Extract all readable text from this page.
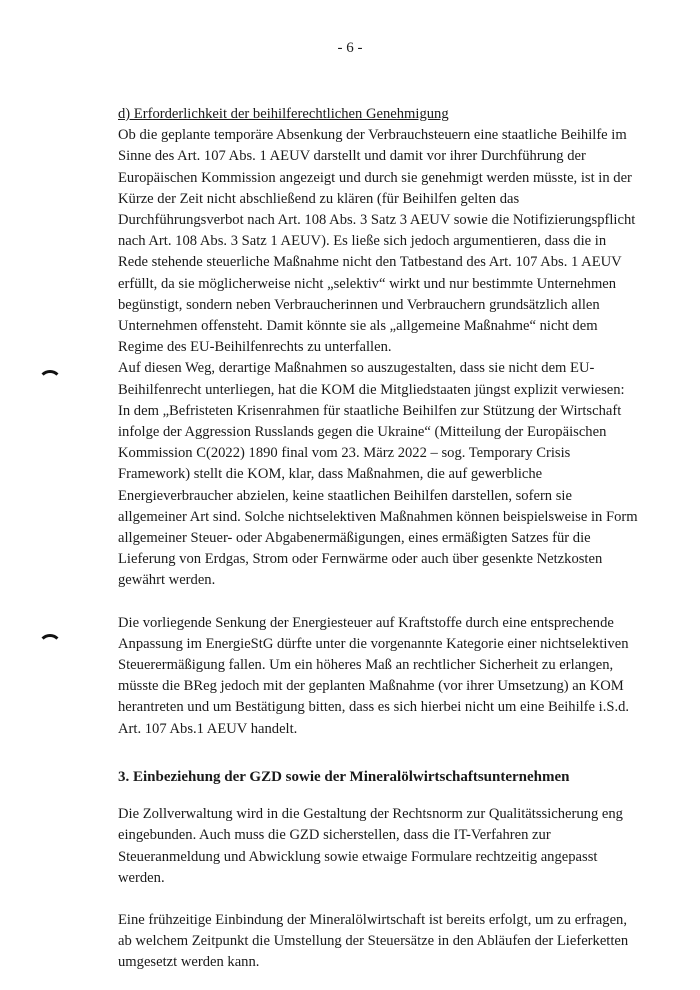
- 6 -

d) Erforderlichkeit der beihilferechtlichen Genehmigung

Ob die geplante temporäre Absenkung der Verbrauchsteuern eine staatliche Beihilfe im Sinne des Art. 107 Abs. 1 AEUV darstellt und damit vor ihrer Durchführung der Europäischen Kommission angezeigt und durch sie genehmigt werden müsste, ist in der Kürze der Zeit nicht abschließend zu klären (für Beihilfen gelten das Durchführungsverbot nach Art. 108 Abs. 3 Satz 3 AEUV sowie die Notifizierungspflicht nach Art. 108 Abs. 3 Satz 1 AEUV). Es ließe sich jedoch argumentieren, dass die in Rede stehende steuerliche Maßnahme nicht den Tatbestand des Art. 107 Abs. 1 AEUV erfüllt, da sie möglicherweise nicht „selektiv“ wirkt und nur bestimmte Unternehmen begünstigt, sondern neben Verbraucherinnen und Verbrauchern grundsätzlich allen Unternehmen offensteht. Damit könnte sie als „allgemeine Maßnahme“ nicht dem Regime des EU-Beihilfenrechts zu unterfallen.

Auf diesen Weg, derartige Maßnahmen so auszugestalten, dass sie nicht dem EU-Beihilfenrecht unterliegen, hat die KOM die Mitgliedstaaten jüngst explizit verwiesen: In dem „Befristeten Krisenrahmen für staatliche Beihilfen zur Stützung der Wirtschaft infolge der Aggression Russlands gegen die Ukraine“ (Mitteilung der Europäischen Kommission C(2022) 1890 final vom 23. März 2022 – sog. Temporary Crisis Framework) stellt die KOM, klar, dass Maßnahmen, die auf gewerbliche Energieverbraucher abzielen, keine staatlichen Beihilfen darstellen, sofern sie allgemeiner Art sind. Solche nichtselektiven Maßnahmen können beispielsweise in Form allgemeiner Steuer- oder Abgabenermäßigungen, eines ermäßigten Satzes für die Lieferung von Erdgas, Strom oder Fernwärme oder auch über gesenkte Netzkosten gewährt werden.

Die vorliegende Senkung der Energiesteuer auf Kraftstoffe durch eine entsprechende Anpassung im EnergieStG dürfte unter die vorgenannte Kategorie einer nichtselektiven Steuerermäßigung fallen. Um ein höheres Maß an rechtlicher Sicherheit zu erlangen, müsste die BReg jedoch mit der geplanten Maßnahme (vor ihrer Umsetzung) an KOM herantreten und um Bestätigung bitten, dass es sich hierbei nicht um eine Beihilfe i.S.d. Art. 107 Abs.1 AEUV handelt.

3. Einbeziehung der GZD sowie der Mineralölwirtschaftsunternehmen

Die Zollverwaltung wird in die Gestaltung der Rechtsnorm zur Qualitätssicherung eng eingebunden. Auch muss die GZD sicherstellen, dass die IT-Verfahren zur Steueranmeldung und Abwicklung sowie etwaige Formulare rechtzeitig angepasst werden.

Eine frühzeitige Einbindung der Mineralölwirtschaft ist bereits erfolgt, um zu erfragen, ab welchem Zeitpunkt die Umstellung der Steuersätze in den Abläufen der Lieferketten umgesetzt werden kann.
